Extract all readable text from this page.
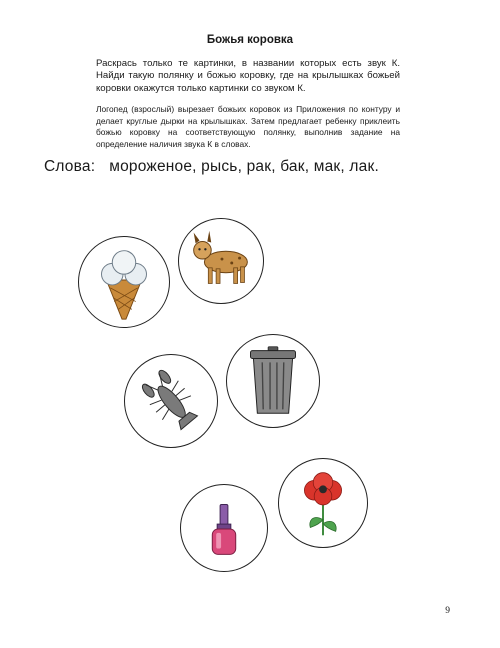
Божья коровка
Раскрась только те картинки, в названии которых есть звук К. Найди такую полянку и божью коровку, где на крылышках божьей коровки окажутся только картинки со звуком К.
Логопед (взрослый) вырезает божьих коровок из Приложения по контуру и делает круглые дырки на крылышках. Затем предлагает ребенку приклеить божью коровку на соответствующую полянку, выполнив задание на определение наличия звука К в словах.
Слова: мороженое, рысь, рак, бак, мак, лак.
9
